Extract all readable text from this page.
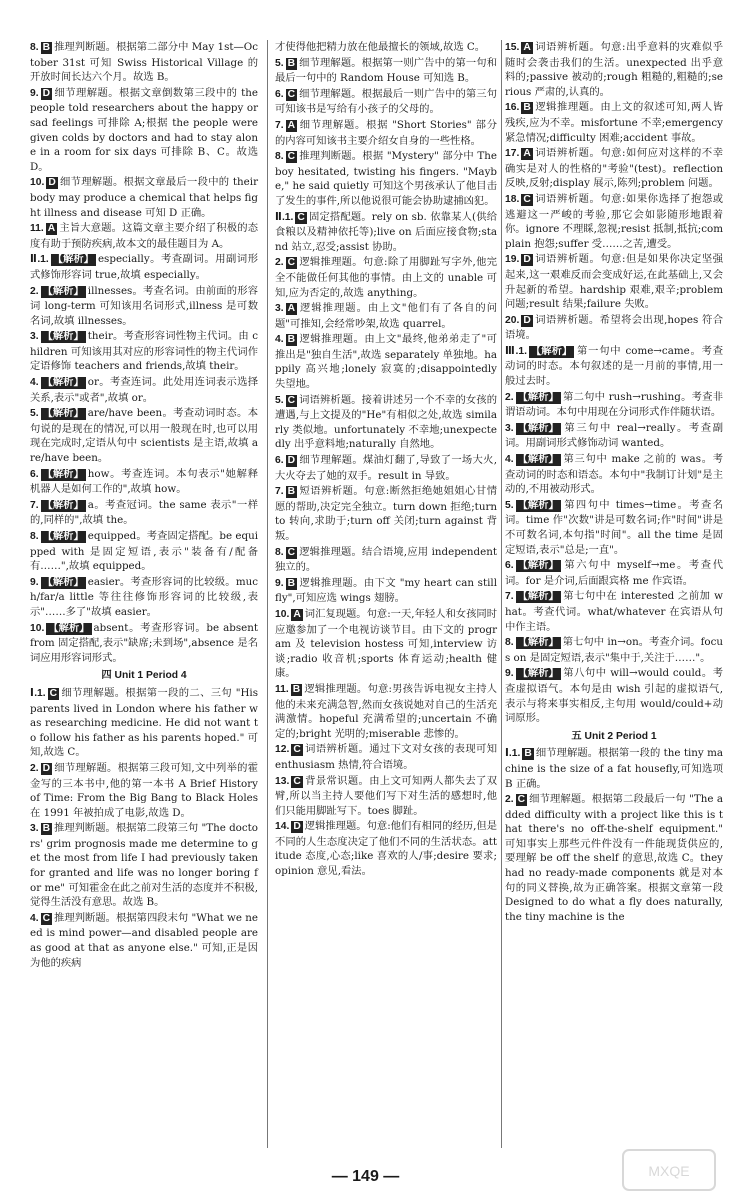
8. B 推理判断题。根据第二部分中 May 1st—October 31st 可知 Swiss Historical Village 的开放时间长达六个月。故选 B。
9. D 细节理解题。根据文章倒数第三段中的 the people told researchers about the happy or sad feelings 可排除 A;根据 the people were given colds by doctors and had to stay alone in a room for six days 可排除 B、C。故选 D。
10. D 细节理解题。根据文章最后一段中的 their body may produce a chemical that helps fight illness and disease 可知 D 正确。
11. A 主旨大意题。这篇文章主要介绍了积极的态度有助于预防疾病,故本文的最佳题目为 A。
Ⅱ.1. 【解析】 especially。考查副词。用副词形式修饰形容词 true,故填 especially。
2. 【解析】 illnesses。考查名词。由前面的形容词 long-term 可知该用名词形式,illness 是可数名词,故填 illnesses。
3. 【解析】 their。考查形容词性物主代词。由 children 可知该用其对应的形容词性的物主代词作定语修饰 teachers and friends,故填 their。
4. 【解析】 or。考查连词。此处用连词表示选择关系,表示"或者",故填 or。
5. 【解析】 are/have been。考查动词时态。本句说的是现在的情况,可以用一般现在时,也可以用现在完成时,定语从句中 scientists 是主语,故填 are/have been。
6. 【解析】 how。考查连词。本句表示"她解释机器人是如何工作的",故填 how。
7. 【解析】 a。考查冠词。the same 表示"一样的,同样的",故填 the。
8. 【解析】 equipped。考查固定搭配。be equipped with 是固定短语,表示"装备有/配备有……",故填 equipped。
9. 【解析】 easier。考查形容词的比较级。much/far/a little 等往往修饰形容词的比较级,表示"……多了"故填 easier。
10. 【解析】 absent。考查形容词。be absent from 固定搭配,表示"缺席;未到场",absence 是名词应用形容词形式。
四 Unit 1 Period 4
Ⅰ.1. C 细节理解题。根据第一段的二、三句 "His parents lived in London where his father was researching medicine. He did not want to follow his father as his parents hoped." 可知,故选 C。
2. D 细节理解题。根据第三段可知,文中列举的霍金写的三本书中,他的第一本书 A Brief History of Time: From the Big Bang to Black Holes 在 1991 年被拍成了电影,故选 D。
3. B 推理判断题。根据第二段第三句 "The doctors' grim prognosis made me determine to get the most from life I had previously taken for granted and life was no longer boring for me" 可知霍金在此之前对生活的态度并不积极,觉得生活没有意思。故选 B。
4. C 推理判断题。根据第四段末句 "What we need is mind power—and disabled people are as good at that as anyone else." 可知,正是因为他的疾病
才使得他把精力放在他最擅长的领域,故选 C。
5. B 细节理解题。根据第一则广告中的第一句和最后一句中的 Random House 可知选 B。
6. C 细节理解题。根据最后一则广告中的第三句可知该书是写给有小孩子的父母的。
7. A 细节理解题。根据 "Short Stories" 部分的内容可知该书主要介绍女自身的一些性格。
8. C 推理判断题。根据 "Mystery" 部分中 The boy hesitated, twisting his fingers. "Maybe," he said quietly 可知这个男孩承认了他目击了发生的事件,所以他说很可能会协助逮捕凶犯。
Ⅱ.1. C 固定搭配题。rely on sb. 依靠某人(供给食粮以及精神依托等);live on 后面应接食物;stand 站立,忍受;assist 协助。
2. C 逻辑推理题。句意:除了用脚趾写字外,他完全不能做任何其他的事情。由上文的 unable 可知,应为否定的,故选 anything。
3. A 逻辑推理题。由上文"他们有了各自的问题"可推知,会经常吵架,故选 quarrel。
4. B 逻辑推理题。由上文"最终,他弟弟走了"可推出是"独自生活",故选 separately 单独地。happily 高兴地;lonely 寂寞的;disappointedly 失望地。
5. C 词语辨析题。接着讲述另一个不幸的女孩的遭遇,与上文提及的"He"有相似之处,故选 similarly 类似地。unfortunately 不幸地;unexpectedly 出乎意料地;naturally 自然地。
6. D 细节理解题。煤油灯翻了,导致了一场大火,大火夺去了她的双手。result in 导致。
7. B 短语辨析题。句意:断然拒绝她姐姐心甘情愿的帮助,决定完全独立。turn down 拒绝;turn to 转向,求助于;turn off 关闭;turn against 背叛。
8. C 逻辑推理题。结合语境,应用 independent 独立的。
9. B 逻辑推理题。由下文 "my heart can still fly",可知应选 wings 翅膀。
10. A 词汇复现题。句意:一天,年轻人和女孩同时应邀参加了一个电视访谈节目。由下文的 program 及 television hostess 可知,interview 访谈;radio 收音机;sports 体育运动;health 健康。
11. B 逻辑推理题。句意:男孩告诉电视女主持人他的未来充满急智,然而女孩说她对自己的生活充满激情。hopeful 充满希望的;uncertain 不确定的;bright 光明的;miserable 悲惨的。
12. C 词语辨析题。通过下文对女孩的表现可知 enthusiasm 热情,符合语境。
13. C 背景常识题。由上文可知两人都失去了双臂,所以当主持人要他们写下对生活的感想时,他们只能用脚趾写下。toes 脚趾。
14. D 逻辑推理题。句意:他们有相同的经历,但是不同的人生态度决定了他们不同的生活状态。attitude 态度,心态;like 喜欢的人/事;desire 要求;opinion 意见,看法。
15. A 词语辨析题。句意:出乎意料的灾难似乎随时会袭击我们的生活。unexpected 出乎意料的;passive 被动的;rough 粗糙的,粗糙的;serious 严肃的,认真的。
16. B 逻辑推理题。由上文的叙述可知,两人皆残疾,应为不幸。misfortune 不幸;emergency 紧急情况;difficulty 困难;accident 事故。
17. A 词语辨析题。句意:如何应对这样的不幸确实是对人的性格的"考验"(test)。reflection 反映,反射;display 展示,陈列;problem 问题。
18. C 词语辨析题。句意:如果你选择了抱怨或逃避这一严峻的考验,那它会如影随形地跟着你。ignore 不理睬,忽视;resist 抵制,抵抗;complain 抱怨;suffer 受……之苦,遭受。
19. D 词语辨析题。句意:但是如果你决定坚强起来,这一艰难反而会变成好运,在此基础上,又会升起新的希望。hardship 艰难,艰辛;problem 问题;result 结果;failure 失败。
20. D 词语辨析题。希望将会出现,hopes 符合语境。
Ⅲ.1. 【解析】 第一句中 come→came。考查动词的时态。本句叙述的是一月前的事情,用一般过去时。
2. 【解析】 第二句中 rush→rushing。考查非谓语动词。本句中用现在分词形式作伴随状语。
3. 【解析】 第三句中 real→really。考查副词。用副词形式修饰动词 wanted。
4. 【解析】 第三句中 make 之前的 was。考查动词的时态和语态。本句中"我制订计划"是主动的,不用被动形式。
5. 【解析】 第四句中 times→time。考查名词。time 作"次数"讲是可数名词;作"时间"讲是不可数名词,本句指"时间"。all the time 是固定短语,表示"总是;一直"。
6. 【解析】 第六句中 myself→me。考查代词。for 是介词,后面跟宾格 me 作宾语。
7. 【解析】 第七句中在 interested 之前加 what。考查代词。what/whatever 在宾语从句中作主语。
8. 【解析】 第七句中 in→on。考查介词。focus on 是固定短语,表示"集中于,关注于……"。
9. 【解析】 第八句中 will→would could。考查虚拟语气。本句是由 wish 引起的虚拟语气,表示与将来事实相反,主句用 would/could+动词原形。
五 Unit 2 Period 1
Ⅰ.1. B 细节理解题。根据第一段的 the tiny machine is the size of a fat housefly,可知选项 B 正确。
2. C 细节理解题。根据第二段最后一句 "The added difficulty with a project like this is that there's no off-the-shelf equipment." 可知事实上那些元件件没有一件能现货供应的,要理解 be off the shelf 的意思,故选 C。they had no ready-made components 就是对本句的同义替换,故为正确答案。根据文章第一段 Designed to do what a fly does naturally, the tiny machine is the
— 149 —	MXQE
